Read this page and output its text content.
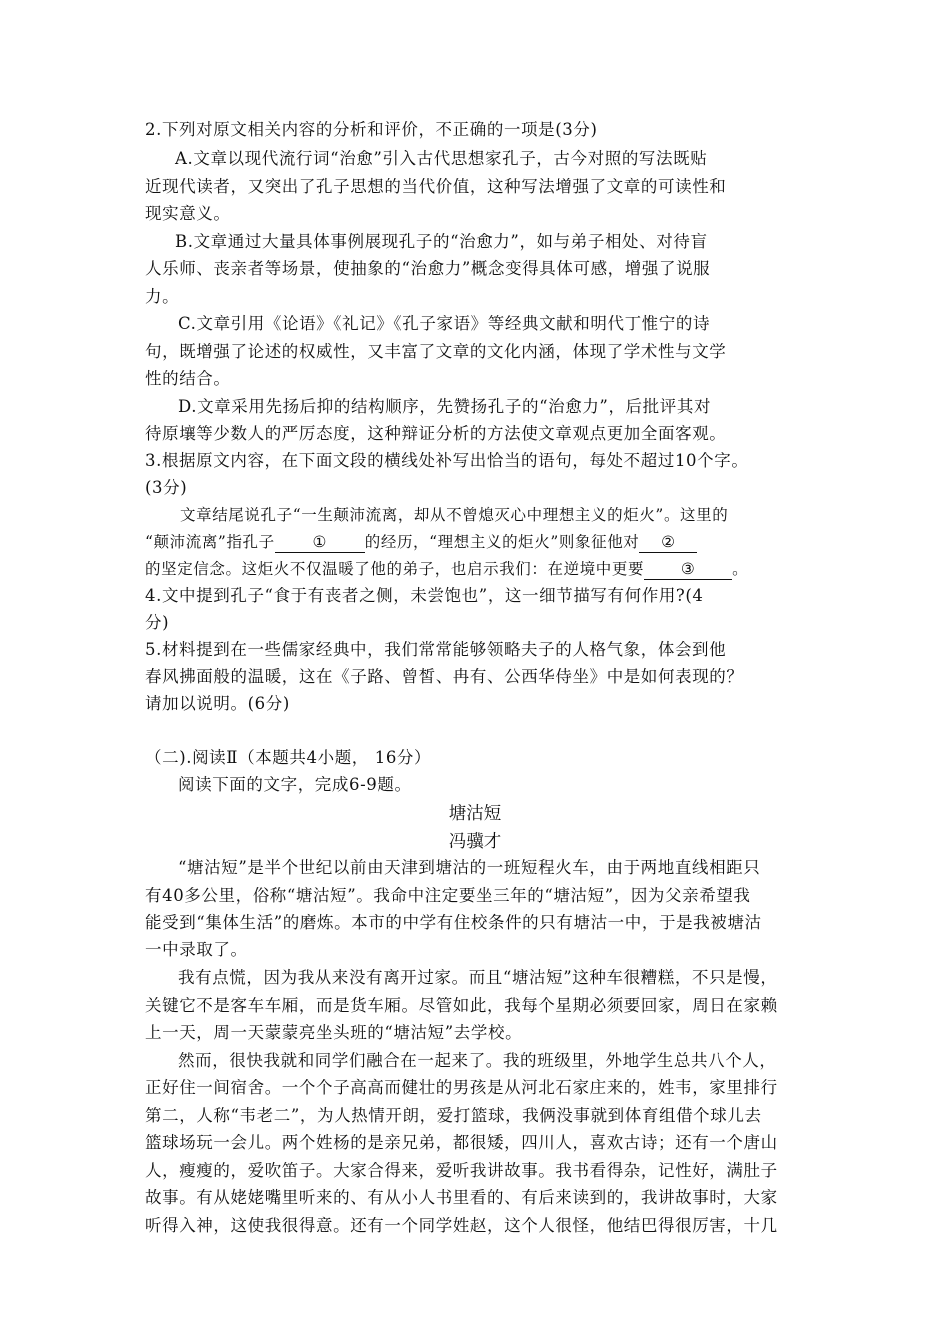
2.下列对原文相关内容的分析和评价，不正确的一项是(3分)
A.文章以现代流行词“治愈”引入古代思想家孔子，古今对照的写法既贴
近现代读者，又突出了孔子思想的当代价值，这种写法增强了文章的可读性和
现实意义。
B.文章通过大量具体事例展现孔子的“治愈力”，如与弟子相处、对待盲
人乐师、丧亲者等场景，使抽象的“治愈力”概念变得具体可感，增强了说服
力。
C.文章引用《论语》《礼记》《孔子家语》等经典文献和明代丁惟宁的诗
句，既增强了论述的权威性，又丰富了文章的文化内涵，体现了学术性与文学
性的结合。
D.文章采用先扬后抑的结构顺序，先赞扬孔子的“治愈力”，后批评其对
待原壤等少数人的严厉态度，这种辩证分析的方法使文章观点更加全面客观。
3.根据原文内容，在下面文段的横线处补写出恰当的语句，每处不超过10个字。
(3分)
文章结尾说孔子“一生颠沛流离，却从不曾熄灭心中理想主义的炬火”。这里的
“颠沛流离”指孔子 ① 的经历，“理想主义的炬火”则象征他对 ②
的坚定信念。这炬火不仅温暖了他的弟子，也启示我们：在逆境中更要 ③ 。
4.文中提到孔子“食于有丧者之侧，未尝饱也”，这一细节描写有何作用?(4
分)
5.材料提到在一些儒家经典中，我们常常能够领略夫子的人格气象，体会到他
春风拂面般的温暖，这在《子路、曾皙、冉有、公西华侍坐》中是如何表现的？
请加以说明。(6分)
（二).阅读Ⅱ（本题共4小题， 16分）
阅读下面的文字，完成6-9题。
塘沽短
冯骥才
“塘沽短”是半个世纪以前由天津到塘沽的一班短程火车，由于两地直线相距只
有40多公里，俗称“塘沽短”。我命中注定要坐三年的“塘沽短”，因为父亲希望我
能受到“集体生活”的磨炼。本市的中学有住校条件的只有塘沽一中，于是我被塘沽
一中录取了。
我有点慌，因为我从来没有离开过家。而且“塘沽短”这种车很糟糕，不只是慢，
关键它不是客车车厢，而是货车厢。尽管如此，我每个星期必须要回家，周日在家赖
上一天，周一天蒙蒙亮坐头班的“塘沽短”去学校。
然而，很快我就和同学们融合在一起来了。我的班级里，外地学生总共八个人，
正好住一间宿舍。一个个子高高而健壮的男孩是从河北石家庄来的，姓韦，家里排行
第二，人称“韦老二”，为人热情开朗，爱打篮球，我俩没事就到体育组借个球儿去
篮球场玩一会儿。两个姓杨的是亲兄弟，都很矮，四川人，喜欢古诗；还有一个唐山
人，瘦瘦的，爱吹笛子。大家合得来，爱听我讲故事。我书看得杂，记性好，满肚子
故事。有从姥姥嘴里听来的、有从小人书里看的、有后来读到的，我讲故事时，大家
听得入神，这使我很得意。还有一个同学姓赵，这个人很怪，他结巴得很厉害，十几
